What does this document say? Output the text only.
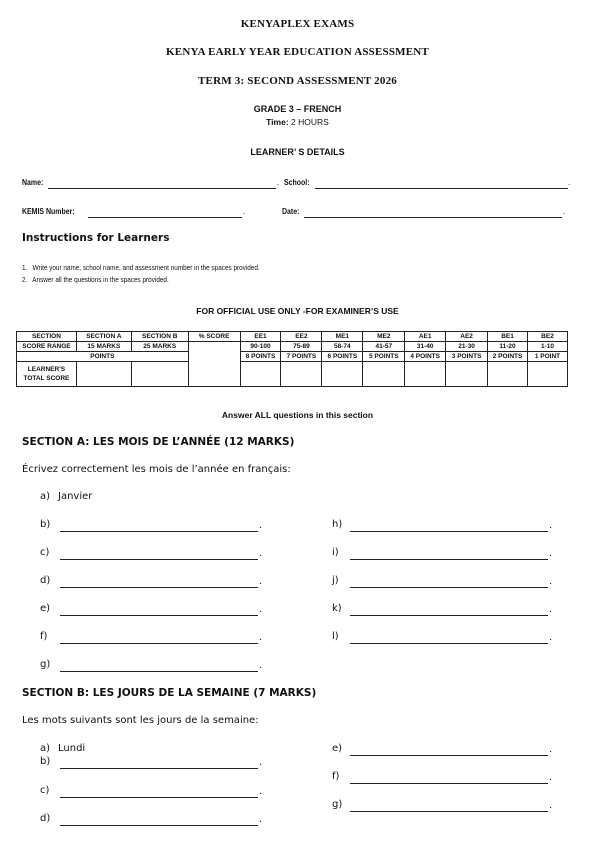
KENYAPLEX EXAMS
KENYA EARLY YEAR EDUCATION ASSESSMENT
TERM 3: SECOND ASSESSMENT 2026
GRADE 3 – FRENCH
Time: 2 HOURS
LEARNER’ S DETAILS
Name:	. School:	.
KEMIS Number:	.	Date:	.
Instructions for Learners
1. Write your name, school name, and assessment number in the spaces provided.
2. Answer all the questions in the spaces provided.
FOR OFFICIAL USE ONLY -FOR EXAMINER’S USE
SECTION	SECTION A	SECTION B	% SCORE	EE1	EE2	ME1	ME2	AE1	AE2	BE1	BE2
SCORE RANGE	15 MARKS	25 MARKS		90-100	75-89	58-74	41-57	31-40	21-30	11-20	1-10
POINTS				8 POINTS	7 POINTS	6 POINTS	5 POINTS	4 POINTS	3 POINTS	2 POINTS	1 POINT
LEARNER'S TOTAL SCORE											
Answer ALL questions in this section
SECTION A: LES MOIS DE L’ANNÉE (12 MARKS)
Écrivez correctement les mois de l’année en français:
a) Janvier
b)	.
c)	.
d)	.
e)	.
f)	.
g)	.
h)	.
i)	.
j)	.
k)	.
l)	.
SECTION B: LES JOURS DE LA SEMAINE (7 MARKS)
Les mots suivants sont les jours de la semaine:
a) Lundi
b)	.
c)	.
d)	.
e)	.
f)	.
g)	.
